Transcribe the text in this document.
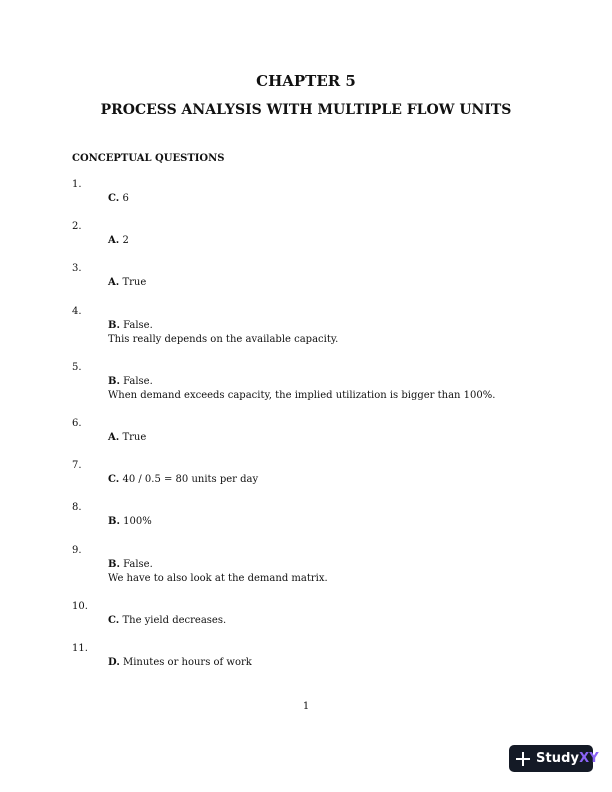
CHAPTER 5
PROCESS ANALYSIS WITH MULTIPLE FLOW UNITS
CONCEPTUAL QUESTIONS
1.
C. 6
2.
A. 2
3.
A. True
4.
B. False.
This really depends on the available capacity.
5.
B. False.
When demand exceeds capacity, the implied utilization is bigger than 100%.
6.
A. True
7.
C. 40 / 0.5 = 80 units per day
8.
B. 100%
9.
B. False.
We have to also look at the demand matrix.
10.
C. The yield decreases.
11.
D. Minutes or hours of work
1
StudyXY
